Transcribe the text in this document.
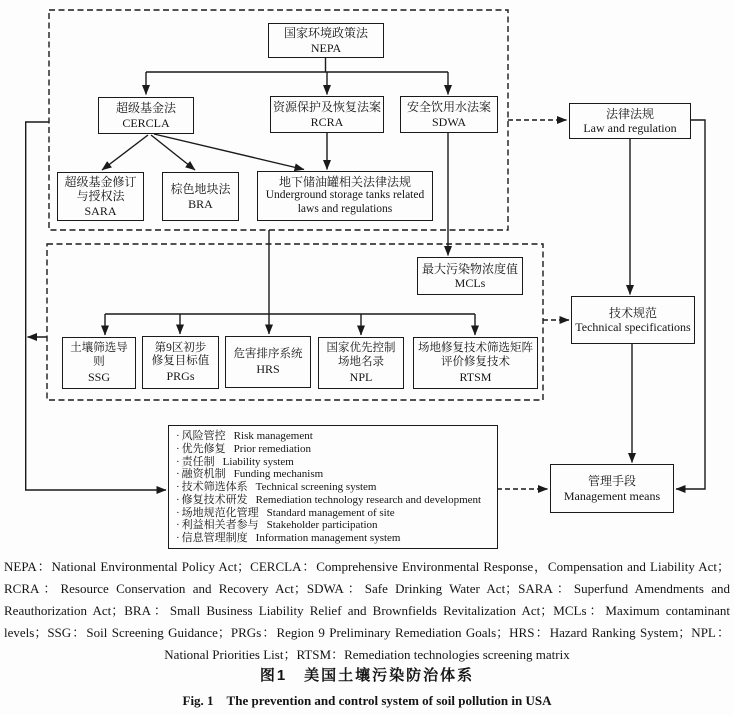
国家环境政策法
NEPA
超级基金法
CERCLA
资源保护及恢复法案
RCRA
安全饮用水法案
SDWA
超级基金修订
与授权法
SARA
棕色地块法
BRA
地下储油罐相关法律法规
Underground storage tanks related laws and regulations
最大污染物浓度值
MCLs
土壤筛选导则
SSG
第9区初步
修复目标值
PRGs
危害排序系统
HRS
国家优先控制
场地名录
NPL
场地修复技术筛选矩阵
评价修复技术
RTSM
法律法规
Law and regulation
技术规范
Technical specifications
管理手段
Management means
· 风险管控 Risk management
· 优先修复 Prior remediation
· 责任制 Liability system
· 融资机制 Funding mechanism
· 技术筛选体系 Technical screening system
· 修复技术研发 Remediation technology research and development
· 场地规范化管理 Standard management of site
· 利益相关者参与 Stakeholder participation
· 信息管理制度 Information management system

NEPA：National Environmental Policy Act；CERCLA：Comprehensive Environmental Response，Compensation and Liability Act；RCRA：Resource Conservation and Recovery Act；SDWA：Safe Drinking Water Act；SARA：Superfund Amendments and Reauthorization Act；BRA：Small Business Liability Relief and Brownfields Revitalization Act；MCLs：Maximum contaminant levels；SSG：Soil Screening Guidance；PRGs：Region 9 Preliminary Remediation Goals；HRS：Hazard Ranking System；NPL：National Priorities List；RTSM：Remediation technologies screening matrix

图1　美国土壤污染防治体系

Fig. 1　The prevention and control system of soil pollution in USA
